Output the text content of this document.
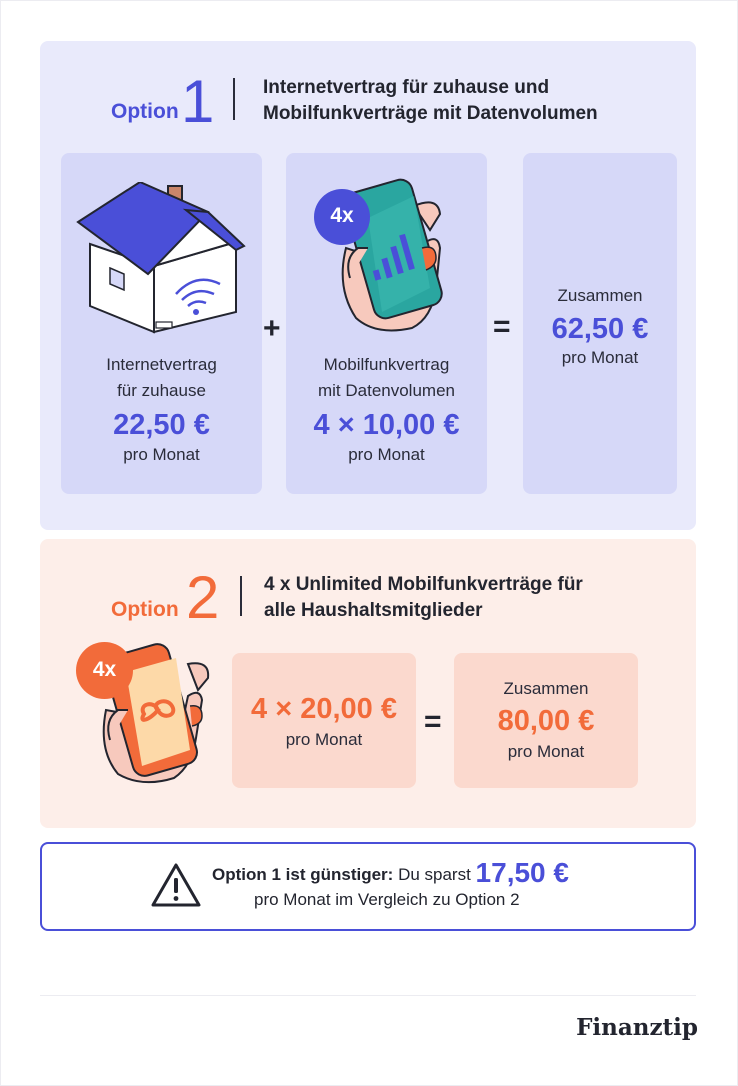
Option 1	Internetvertrag für zuhause und
Mobilfunkverträge mit Datenvolumen
Internetvertrag
für zuhause
22,50 €
pro Monat
+
4x
Mobilfunkvertrag
mit Datenvolumen
4 × 10,00 €
pro Monat
=
Zusammen
62,50 €
pro Monat
Option 2 4 x Unlimited Mobilfunkverträge für
alle Haushaltsmitglieder
4x
4 × 20,00 €
pro Monat
=
Zusammen
80,00 €
pro Monat
Option 1 ist günstiger: Du sparst 17,50 €
pro Monat im Vergleich zu Option 2
Finanztip
